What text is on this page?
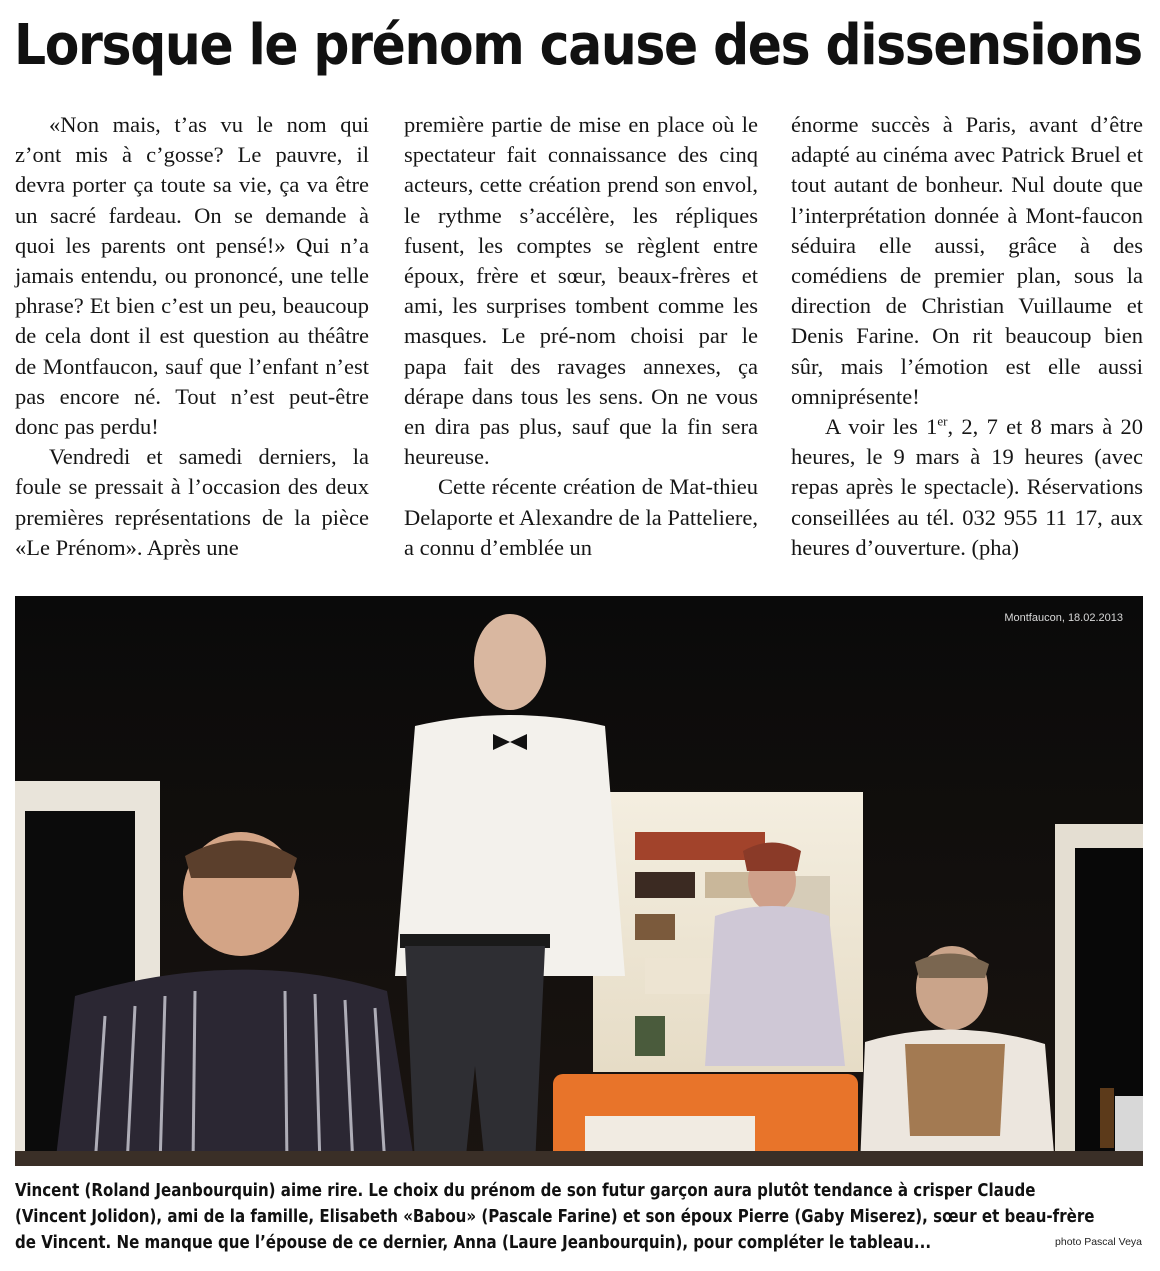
Lorsque le prénom cause des dissensions

«Non mais, t’as vu le nom qui z’ont mis à c’gosse? Le pauvre, il devra porter ça toute sa vie, ça va être un sacré fardeau. On se demande à quoi les parents ont pensé!» Qui n’a jamais entendu, ou prononcé, une telle phrase? Et bien c’est un peu, beaucoup de cela dont il est question au théâtre de Montfaucon, sauf que l’enfant n’est pas encore né. Tout n’est peut-être donc pas perdu!

Vendredi et samedi derniers, la foule se pressait à l’occasion des deux premières représentations de la pièce «Le Prénom». Après une

première partie de mise en place où le spectateur fait connaissance des cinq acteurs, cette création prend son envol, le rythme s’accélère, les répliques fusent, les comptes se règlent entre époux, frère et sœur, beaux-frères et ami, les surprises tombent comme les masques. Le pré-nom choisi par le papa fait des ravages annexes, ça dérape dans tous les sens. On ne vous en dira pas plus, sauf que la fin sera heureuse.

Cette récente création de Mat-thieu Delaporte et Alexandre de la Patteliere, a connu d’emblée un

énorme succès à Paris, avant d’être adapté au cinéma avec Patrick Bruel et tout autant de bonheur. Nul doute que l’interprétation donnée à Mont-faucon séduira elle aussi, grâce à des comédiens de premier plan, sous la direction de Christian Vuillaume et Denis Farine. On rit beaucoup bien sûr, mais l’émotion est elle aussi omniprésente!

A voir les 1er, 2, 7 et 8 mars à 20 heures, le 9 mars à 19 heures (avec repas après le spectacle). Réservations conseillées au tél. 032 955 11 17, aux heures d’ouverture. (pha)

Montfaucon, 18.02.2013

Vincent (Roland Jeanbourquin) aime rire. Le choix du prénom de son futur garçon aura plutôt tendance à crisper Claude (Vincent Jolidon), ami de la famille, Elisabeth «Babou» (Pascale Farine) et son époux Pierre (Gaby Miserez), sœur et beau-frère de Vincent. Ne manque que l’épouse de ce dernier, Anna (Laure Jeanbourquin), pour compléter le tableau...	photo Pascal Veya
